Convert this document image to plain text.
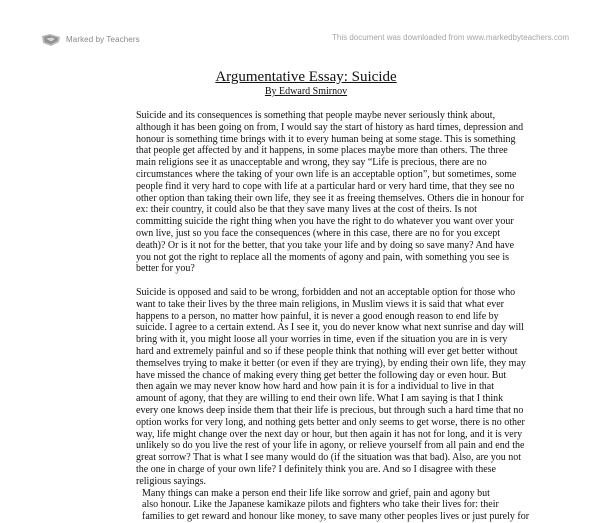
Marked by Teachers	This document was downloaded from www.markedbyteachers.com
Argumentative Essay: Suicide
By Edward Smirnov

Suicide and its consequences is something that people maybe never seriously think about,
although it has been going on from, I would say the start of history as hard times, depression and
honour is something time brings with it to every human being at some stage. This is something
that people get affected by and it happens, in some places maybe more than others. The three
main religions see it as unacceptable and wrong, they say “Life is precious, there are no
circumstances where the taking of your own life is an acceptable option”, but sometimes, some
people find it very hard to cope with life at a particular hard or very hard time, that they see no
other option than taking their own life, they see it as freeing themselves. Others die in honour for
ex: their country, it could also be that they save many lives at the cost of theirs. Is not
committing suicide the right thing when you have the right to do whatever you want over your
own live, just so you face the consequences (where in this case, there are no for you except
death)? Or is it not for the better, that you take your life and by doing so save many? And have
you not got the right to replace all the moments of agony and pain, with something you see is
better for you?

Suicide is opposed and said to be wrong, forbidden and not an acceptable option for those who
want to take their lives by the three main religions, in Muslim views it is said that what ever
happens to a person, no matter how painful, it is never a good enough reason to end life by
suicide. I agree to a certain extend. As I see it, you do never know what next sunrise and day will
bring with it, you might loose all your worries in time, even if the situation you are in is very
hard and extremely painful and so if these people think that nothing will ever get better without
themselves trying to make it better (or even if they are trying), by ending their own life, they may
have missed the chance of making every thing get better the following day or even hour. But
then again we may never know how hard and how pain it is for a individual to live in that
amount of agony, that they are willing to end their own life. What I am saying is that I think
every one knows deep inside them that their life is precious, but through such a hard time that no
option works for very long, and nothing gets better and only seems to get worse, there is no other
way, life might change over the next day or hour, but then again it has not for long, and it is very
unlikely so do you live the rest of your life in agony, or relieve yourself from all pain and end the
great sorrow? That is what I see many would do (if the situation was that bad). Also, are you not
the one in charge of your own life? I definitely think you are. And so I disagree with these
religious sayings.

Many things can make a person end their life like sorrow and grief, pain and agony but
also honour. Like the Japanese kamikaze pilots and fighters who take their lives for: their
families to get reward and honour like money, to save many other peoples lives or just purely for
